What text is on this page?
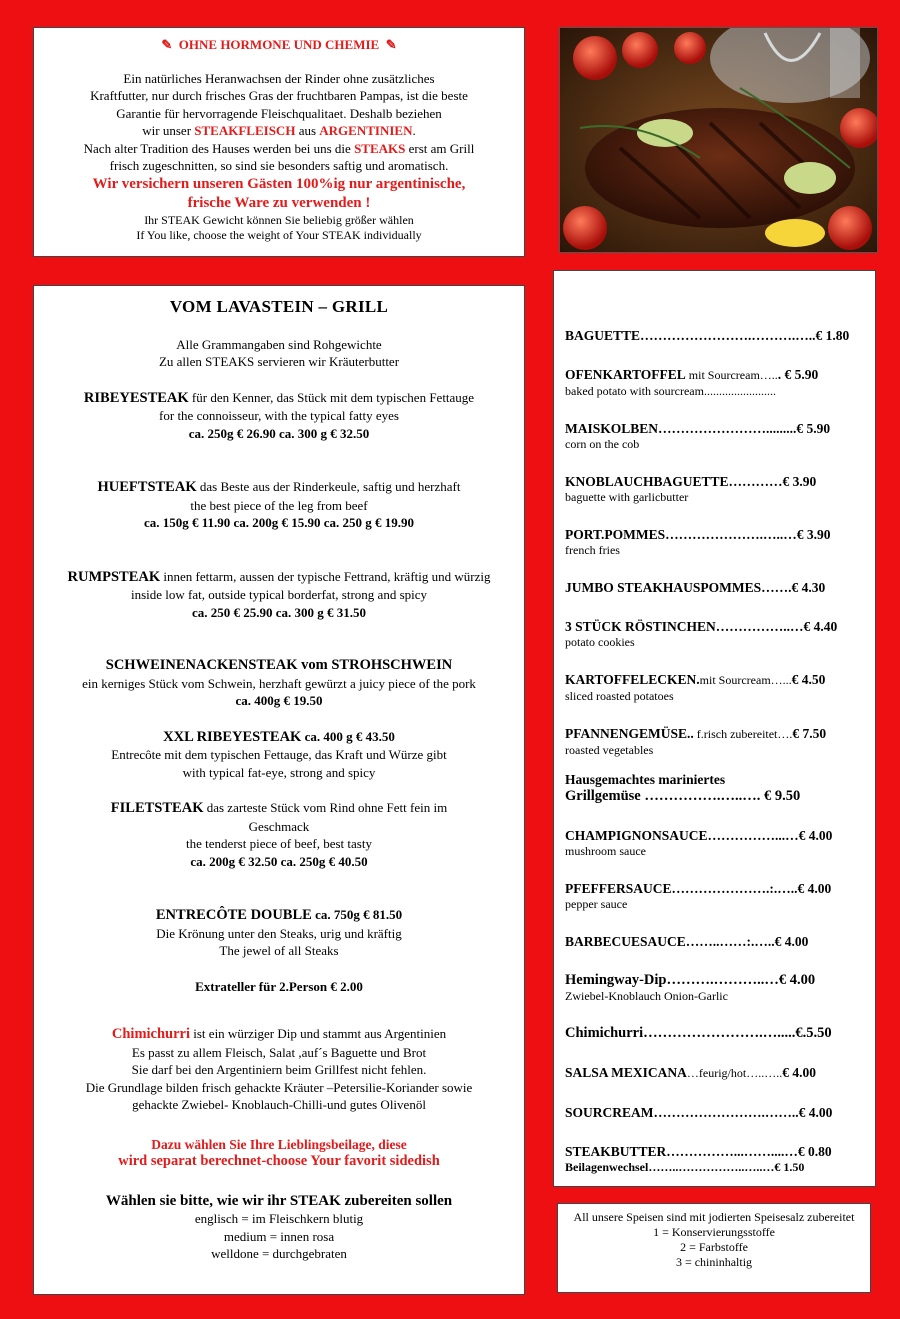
✎ OHNE HORMONE UND CHEMIE ✎
Ein natürliches Heranwachsen der Rinder ohne zusätzliches
Kraftfutter, nur durch frisches Gras der fruchtbaren Pampas, ist die beste
Garantie für hervorragende Fleischqualitaet. Deshalb beziehen
wir unser STEAKFLEISCH aus ARGENTINIEN.
Nach alter Tradition des Hauses werden bei uns die STEAKS erst am Grill
frisch zugeschnitten, so sind sie besonders saftig und aromatisch.
Wir versichern unseren Gästen 100%ig nur argentinische,
frische Ware zu verwenden !
Ihr STEAK Gewicht können Sie beliebig größer wählen
If You like, choose the weight of Your STEAK individually
VOM LAVASTEIN – GRILL
Alle Grammangaben sind Rohgewichte
Zu allen STEAKS servieren wir Kräuterbutter
RIBEYESTEAK für den Kenner, das Stück mit dem typischen Fettauge
for the connoisseur, with the typical fatty eyes
ca. 250g € 26.90 ca. 300 g € 32.50
HUEFTSTEAK das Beste aus der Rinderkeule, saftig und herzhaft
the best piece of the leg from beef
ca. 150g € 11.90 ca. 200g € 15.90 ca. 250 g € 19.90
RUMPSTEAK innen fettarm, aussen der typische Fettrand, kräftig und würzig
inside low fat, outside typical borderfat, strong and spicy
ca. 250 € 25.90 ca. 300 g € 31.50
SCHWEINENACKENSTEAK vom STROHSCHWEIN
ein kerniges Stück vom Schwein, herzhaft gewürzt a juicy piece of the pork
ca. 400g € 19.50
XXL RIBEYESTEAK ca. 400 g € 43.50
Entrecôte mit dem typischen Fettauge, das Kraft und Würze gibt
with typical fat-eye, strong and spicy
FILETSTEAK das zarteste Stück vom Rind ohne Fett fein im Geschmack
the tenderst piece of beef, best tasty
ca. 200g € 32.50 ca. 250g € 40.50
ENTRECÔTE DOUBLE ca. 750g € 81.50
Die Krönung unter den Steaks, urig und kräftig
The jewel of all Steaks
Extrateller für 2.Person € 2.00
Chimichurri ist ein würziger Dip und stammt aus Argentinien
Es passt zu allem Fleisch, Salat ,auf´s Baguette und Brot
Sie darf bei den Argentiniern beim Grillfest nicht fehlen.
Die Grundlage bilden frisch gehackte Kräuter –Petersilie-Koriander sowie
gehackte Zwiebel- Knoblauch-Chilli-und gutes Olivenöl
Dazu wählen Sie Ihre Lieblingsbeilage, diese
wird separat berechnet-choose Your favorit sidedish
Wählen sie bitte, wie wir ihr STEAK zubereiten sollen
englisch = im Fleischkern blutig
medium = innen rosa
welldone = durchgebraten
BAGUETTE…………………….……….…..€ 1.80
OFENKARTOFFEL mit Sourcream…... € 5.90
baked potato with sourcream........................
MAISKOLBEN…………………….........€ 5.90
corn on the cob
KNOBLAUCHBAGUETTE…………€ 3.90
baguette with garlicbutter
PORT.POMMES………………….…..…€ 3.90
french fries
JUMBO STEAKHAUSPOMMES…….€ 4.30
3 STÜCK RÖSTINCHEN……………..…€ 4.40
potato cookies
KARTOFFELECKEN.mit Sourcream…...€ 4.50
sliced roasted potatoes
PFANNENGEMÜSE.. f.risch zubereitet….€ 7.50
roasted vegetables
Hausgemachtes mariniertes
Grillgemüse …………….…..…. € 9.50
CHAMPIGNONSAUCE……………...…€ 4.00
mushroom sauce
PFEFFERSAUCE………………….:.…..€ 4.00
pepper sauce
BARBECUESAUCE……..……:.…..€ 4.00
Hemingway-Dip……….………..…€ 4.00
Zwiebel-Knoblauch Onion-Garlic
Chimichurri…………………….….....€.5.50
SALSA MEXICANA…feurig/hot…..…..€ 4.00
SOURCREAM…………………….……..€ 4.00
STEAKBUTTER……………...……....…€ 0.80
Beilagenwechsel……..……………..…..…€ 1.50
All unsere Speisen sind mit jodierten Speisesalz zubereitet
1 = Konservierungsstoffe
2 = Farbstoffe
3 = chininhaltig
